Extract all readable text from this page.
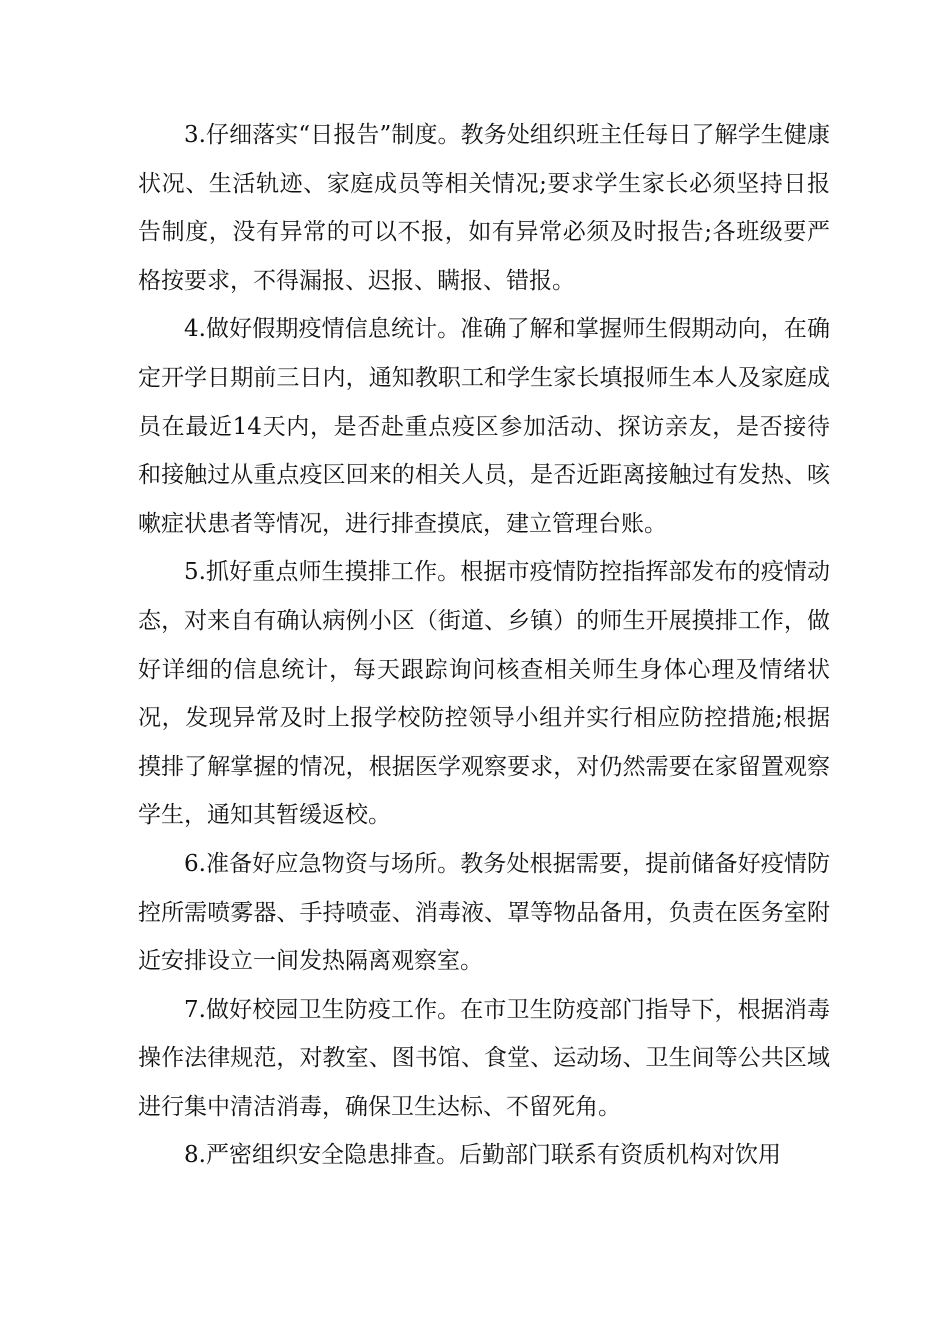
3.仔细落实“日报告”制度。教务处组织班主任每日了解学生健康状况、生活轨迹、家庭成员等相关情况;要求学生家长必须坚持日报告制度，没有异常的可以不报，如有异常必须及时报告;各班级要严格按要求，不得漏报、迟报、瞒报、错报。

4.做好假期疫情信息统计。准确了解和掌握师生假期动向，在确定开学日期前三日内，通知教职工和学生家长填报师生本人及家庭成员在最近14天内，是否赴重点疫区参加活动、探访亲友，是否接待和接触过从重点疫区回来的相关人员，是否近距离接触过有发热、咳嗽症状患者等情况，进行排查摸底，建立管理台账。

5.抓好重点师生摸排工作。根据市疫情防控指挥部发布的疫情动态，对来自有确认病例小区（街道、乡镇）的师生开展摸排工作，做好详细的信息统计，每天跟踪询问核查相关师生身体心理及情绪状况，发现异常及时上报学校防控领导小组并实行相应防控措施;根据摸排了解掌握的情况，根据医学观察要求，对仍然需要在家留置观察学生，通知其暂缓返校。

6.准备好应急物资与场所。教务处根据需要，提前储备好疫情防控所需喷雾器、手持喷壶、消毒液、罩等物品备用，负责在医务室附近安排设立一间发热隔离观察室。

7.做好校园卫生防疫工作。在市卫生防疫部门指导下，根据消毒操作法律规范，对教室、图书馆、食堂、运动场、卫生间等公共区域进行集中清洁消毒，确保卫生达标、不留死角。

8.严密组织安全隐患排查。后勤部门联系有资质机构对饮用
